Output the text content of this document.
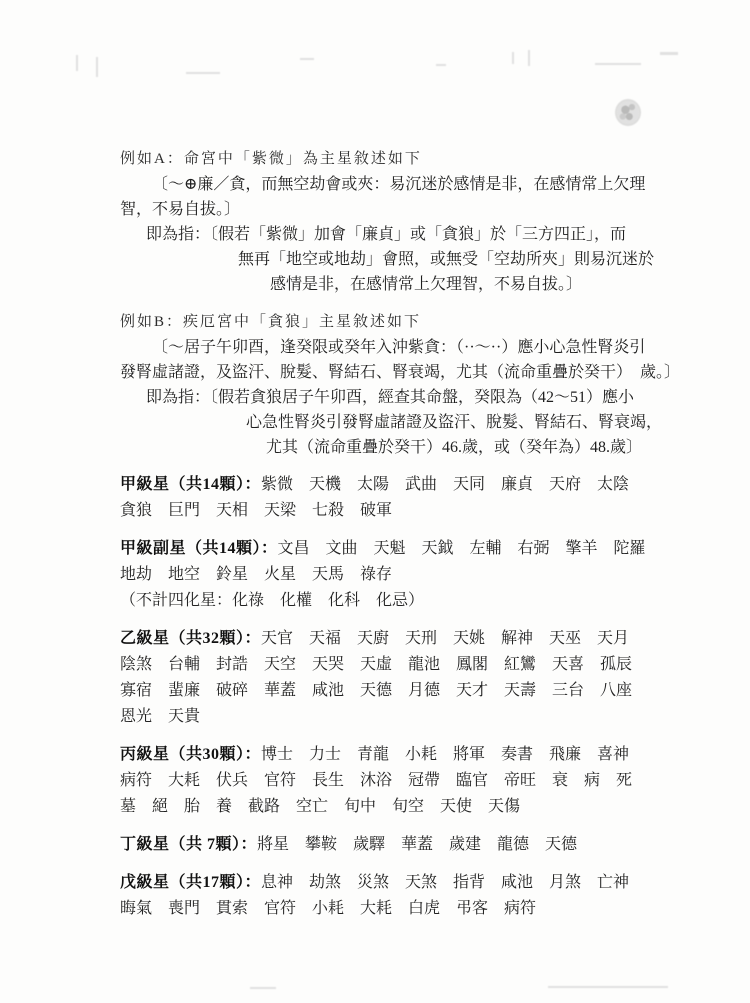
例如A：命宮中「紫微」為主星敘述如下
〔～⊕廉／貪，而無空劫會或夾：易沉迷於感情是非，在感情常上欠理
智，不易自拔。〕
即為指：〔假若「紫微」加會「廉貞」或「貪狼」於「三方四正」，而
無再「地空或地劫」會照，或無受「空劫所夾」則易沉迷於
感情是非，在感情常上欠理智，不易自拔。〕
例如B：疾厄宮中「貪狼」主星敘述如下
〔～居子午卯酉，逢癸限或癸年入沖紫貪：（··～··）應小心急性腎炎引
發腎虛諸證，及盜汗、脫髮、腎結石、腎衰竭，尤其（流命重疊於癸干）　歲。〕
即為指：〔假若貪狼居子午卯酉，經查其命盤，癸限為（42～51）應小
心急性腎炎引發腎虛諸證及盜汗、脫髮、腎結石、腎衰竭，
尤其（流命重疊於癸干）46.歲，或（癸年為）48.歲〕
甲級星（共14顆）：紫微　天機　太陽　武曲　天同　廉貞　天府　太陰
貪狼　巨門　天相　天梁　七殺　破軍
甲級副星（共14顆）：文昌　文曲　天魁　天鉞　左輔　右弼　擎羊　陀羅
地劫　地空　鈴星　火星　天馬　祿存
（不計四化星：化祿　化權　化科　化忌）
乙級星（共32顆）：天官　天福　天廚　天刑　天姚　解神　天巫　天月
陰煞　台輔　封誥　天空　天哭　天虛　龍池　鳳閣　紅鸞　天喜　孤辰
寡宿　蜚廉　破碎　華蓋　咸池　天德　月德　天才　天壽　三台　八座
恩光　天貴
丙級星（共30顆）：博士　力士　青龍　小耗　將軍　奏書　飛廉　喜神
病符　大耗　伏兵　官符　長生　沐浴　冠帶　臨官　帝旺　衰　病　死
墓　絕　胎　養　截路　空亡　旬中　旬空　天使　天傷
丁級星（共 7顆）：將星　攀鞍　歲驛　華蓋　歲建　龍德　天德
戊級星（共17顆）：息神　劫煞　災煞　天煞　指背　咸池　月煞　亡神
晦氣　喪門　貫索　官符　小耗　大耗　白虎　弔客　病符
